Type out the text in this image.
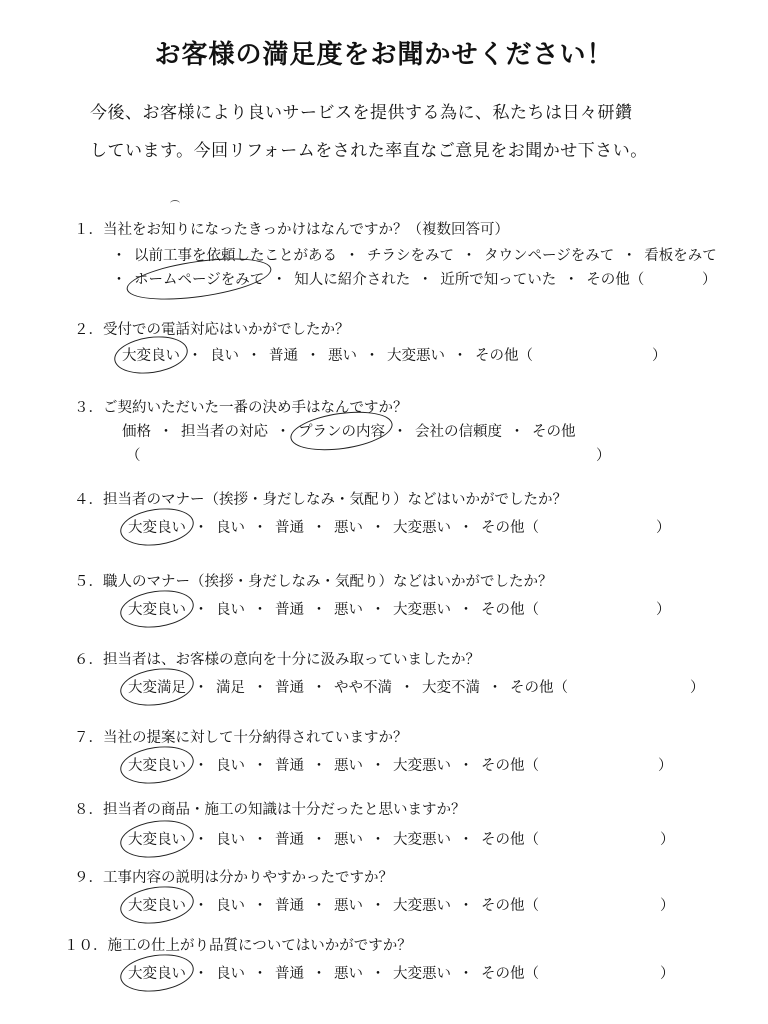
お客様の満足度をお聞かせください！
今後、お客様により良いサービスを提供する為に、私たちは日々研鑽
しています。今回リフォームをされた率直なご意見をお聞かせ下さい。
１．当社をお知りになったきっかけはなんですか？（複数回答可）
・ 以前工事を依頼したことがある ・ チラシをみて ・ タウンページをみて ・ 看板をみて
・ ホームページをみて ・ 知人に紹介された ・ 近所で知っていた ・ その他（	）
２．受付での電話対応はいかがでしたか？
大変良い ・ 良い ・ 普通 ・ 悪い ・ 大変悪い ・ その他（	）
３．ご契約いただいた一番の決め手はなんですか？
価格 ・ 担当者の対応 ・ プランの内容 ・ 会社の信頼度 ・ その他
（	）
４．担当者のマナー（挨拶・身だしなみ・気配り）などはいかがでしたか？
大変良い ・ 良い ・ 普通 ・ 悪い ・ 大変悪い ・ その他（	）
５．職人のマナー（挨拶・身だしなみ・気配り）などはいかがでしたか？
大変良い ・ 良い ・ 普通 ・ 悪い ・ 大変悪い ・ その他（	）
６．担当者は、お客様の意向を十分に汲み取っていましたか？
大変満足 ・ 満足 ・ 普通 ・ やや不満 ・ 大変不満 ・ その他（	）
７．当社の提案に対して十分納得されていますか？
大変良い ・ 良い ・ 普通 ・ 悪い ・ 大変悪い ・ その他（	）
８．担当者の商品・施工の知識は十分だったと思いますか？
大変良い ・ 良い ・ 普通 ・ 悪い ・ 大変悪い ・ その他（	）
９．工事内容の説明は分かりやすかったですか？
大変良い ・ 良い ・ 普通 ・ 悪い ・ 大変悪い ・ その他（	）
１０．施工の仕上がり品質についてはいかがですか？
大変良い ・ 良い ・ 普通 ・ 悪い ・ 大変悪い ・ その他（	）
